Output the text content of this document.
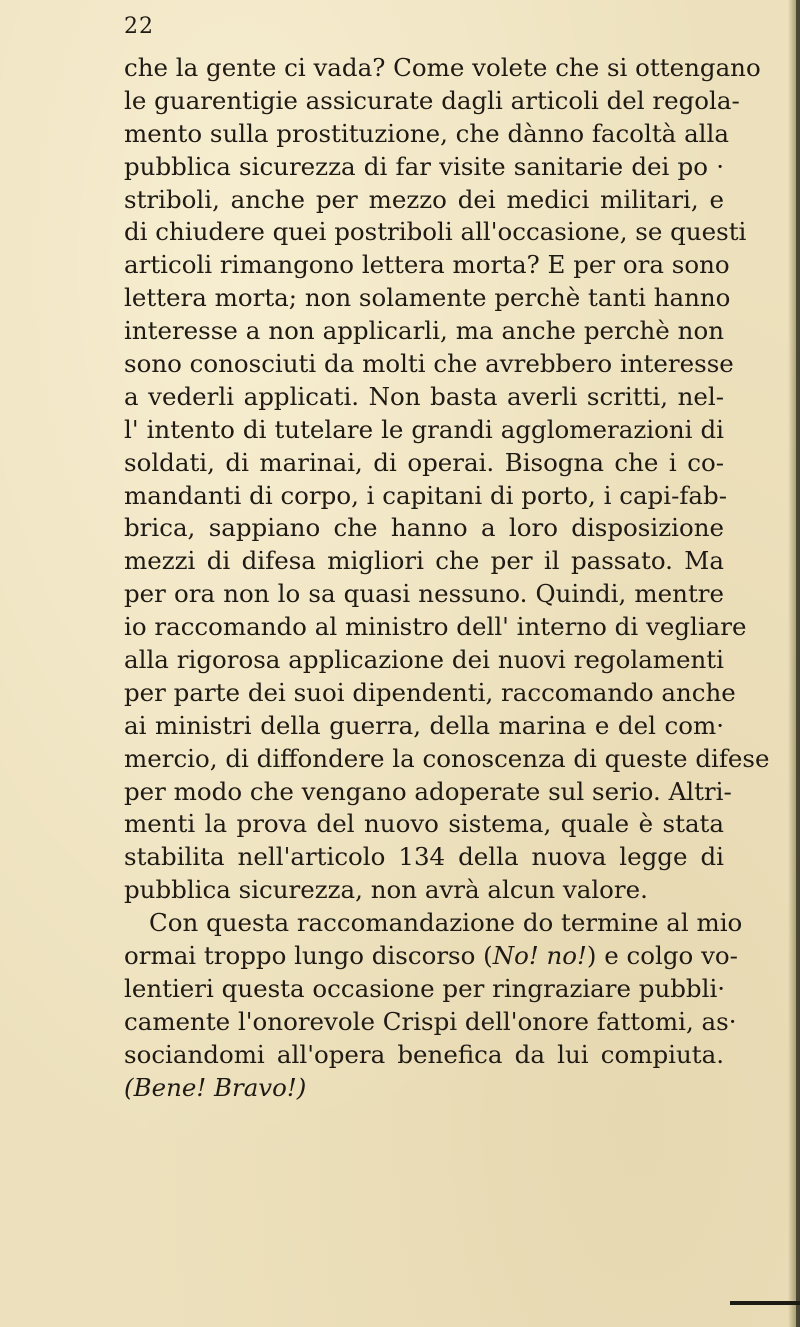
22
che la gente ci vada? Come volete che si ottengano
le guarentigie assicurate dagli articoli del regola-
mento sulla prostituzione, che dànno facoltà alla
pubblica sicurezza di far visite sanitarie dei po ·
striboli, anche per mezzo dei medici militari, e
di chiudere quei postriboli all'occasione, se questi
articoli rimangono lettera morta? E per ora sono
lettera morta; non solamente perchè tanti hanno
interesse a non applicarli, ma anche perchè non
sono conosciuti da molti che avrebbero interesse
a vederli applicati. Non basta averli scritti, nel-
l' intento di tutelare le grandi agglomerazioni di
soldati, di marinai, di operai. Bisogna che i co-
mandanti di corpo, i capitani di porto, i capi-fab-
brica, sappiano che hanno a loro disposizione
mezzi di difesa migliori che per il passato. Ma
per ora non lo sa quasi nessuno. Quindi, mentre
io raccomando al ministro dell' interno di vegliare
alla rigorosa applicazione dei nuovi regolamenti
per parte dei suoi dipendenti, raccomando anche
ai ministri della guerra, della marina e del com·
mercio, di diffondere la conoscenza di queste difese
per modo che vengano adoperate sul serio. Altri-
menti la prova del nuovo sistema, quale è stata
stabilita nell'articolo 134 della nuova legge di
pubblica sicurezza, non avrà alcun valore.
Con questa raccomandazione do termine al mio
ormai troppo lungo discorso (No! no!) e colgo vo-
lentieri questa occasione per ringraziare pubbli·
camente l'onorevole Crispi dell'onore fattomi, as·
sociandomi all'opera benefica da lui compiuta.
(Bene! Bravo!)
